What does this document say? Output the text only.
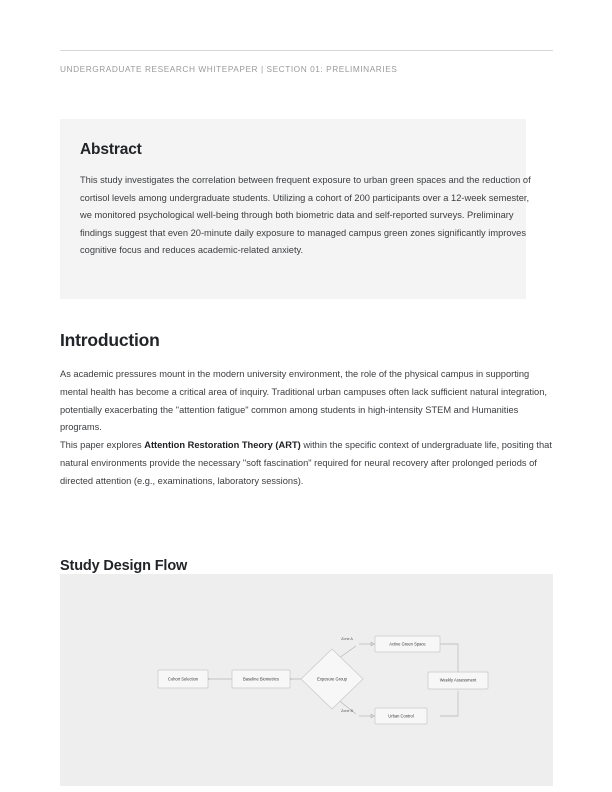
UNDERGRADUATE RESEARCH WHITEPAPER | SECTION 01: PRELIMINARIES
Abstract

This study investigates the correlation between frequent exposure to urban green spaces and the reduction of cortisol levels among undergraduate students. Utilizing a cohort of 200 participants over a 12-week semester, we monitored psychological well-being through both biometric data and self-reported surveys. Preliminary findings suggest that even 20-minute daily exposure to managed campus green zones significantly improves cognitive focus and reduces academic-related anxiety.

Introduction

As academic pressures mount in the modern university environment, the role of the physical campus in supporting mental health has become a critical area of inquiry. Traditional urban campuses often lack sufficient natural integration, potentially exacerbating the "attention fatigue" common among students in high-intensity STEM and Humanities programs.

This paper explores Attention Restoration Theory (ART) within the specific context of undergraduate life, positing that natural environments provide the necessary "soft fascination" required for neural recovery after prolonged periods of directed attention (e.g., examinations, laboratory sessions).

Study Design Flow
Cohort Selection	Baseline Biometrics	Exposure Group
Zone A
Zone B
Active Green Space
Urban Control
Weekly Assessment
